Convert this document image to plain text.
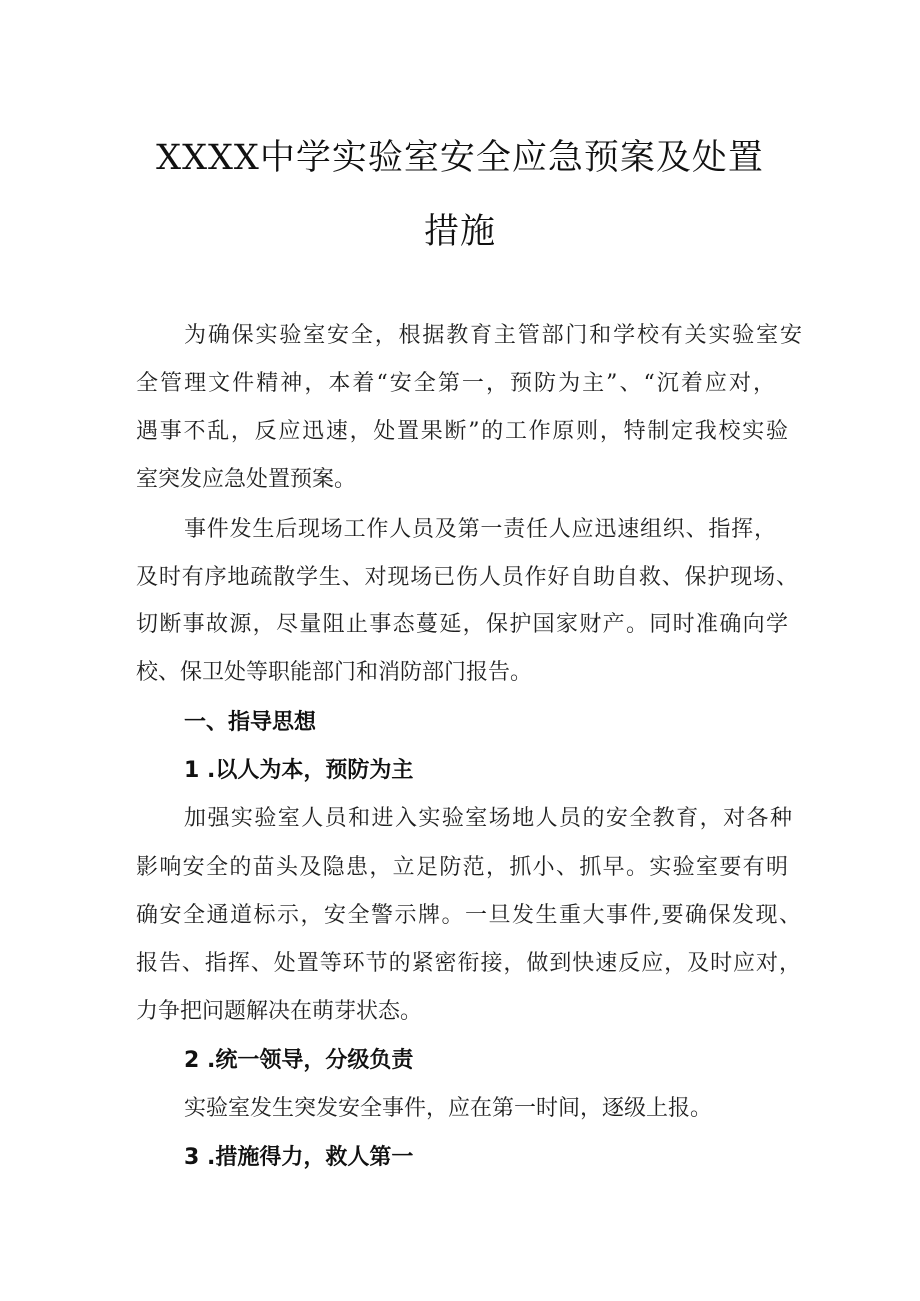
XXXX中学实验室安全应急预案及处置
措施

为确保实验室安全，根据教育主管部门和学校有关实验室安

全管理文件精神，本着“安全第一，预防为主”、“沉着应对，

遇事不乱，反应迅速，处置果断”的工作原则，特制定我校实验

室突发应急处置预案。

事件发生后现场工作人员及第一责任人应迅速组织、指挥，

及时有序地疏散学生、对现场已伤人员作好自助自救、保护现场、

切断事故源，尽量阻止事态蔓延，保护国家财产。同时准确向学

校、保卫处等职能部门和消防部门报告。

一、指导思想

1 .以人为本，预防为主

加强实验室人员和进入实验室场地人员的安全教育，对各种

影响安全的苗头及隐患，立足防范，抓小、抓早。实验室要有明

确安全通道标示，安全警示牌。一旦发生重大事件,要确保发现、

报告、指挥、处置等环节的紧密衔接，做到快速反应，及时应对，

力争把问题解决在萌芽状态。

2 .统一领导，分级负责

实验室发生突发安全事件，应在第一时间，逐级上报。

3 .措施得力，救人第一
